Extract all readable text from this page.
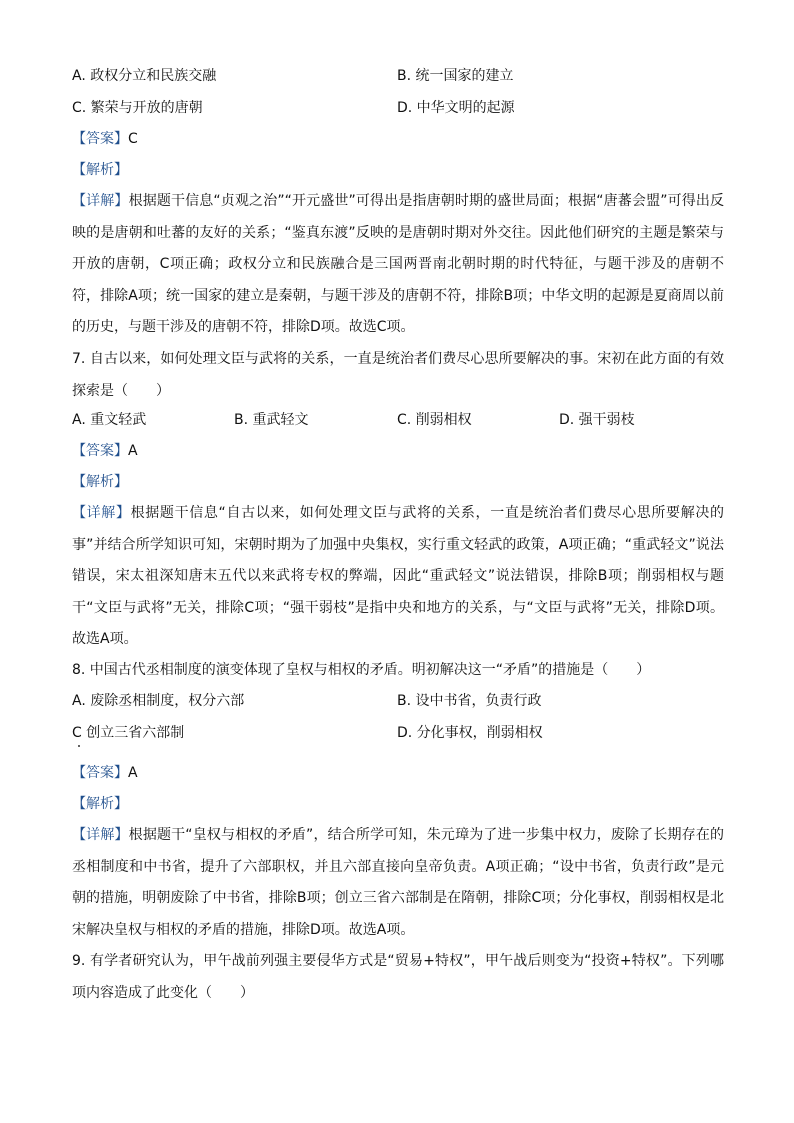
A. 政权分立和民族交融	B. 统一国家的建立
C. 繁荣与开放的唐朝	D. 中华文明的起源
【答案】C
【解析】
【详解】根据题干信息“贞观之治”“开元盛世”可得出是指唐朝时期的盛世局面；根据“唐蕃会盟”可得出反映的是唐朝和吐蕃的友好的关系；“鉴真东渡”反映的是唐朝时期对外交往。因此他们研究的主题是繁荣与开放的唐朝，C项正确；政权分立和民族融合是三国两晋南北朝时期的时代特征，与题干涉及的唐朝不符，排除A项；统一国家的建立是秦朝，与题干涉及的唐朝不符，排除B项；中华文明的起源是夏商周以前的历史，与题干涉及的唐朝不符，排除D项。故选C项。
7. 自古以来，如何处理文臣与武将的关系，一直是统治者们费尽心思所要解决的事。宋初在此方面的有效探索是（　　）
A. 重文轻武	B. 重武轻文	C. 削弱相权	D. 强干弱枝
【答案】A
【解析】
【详解】根据题干信息“自古以来，如何处理文臣与武将的关系，一直是统治者们费尽心思所要解决的事”并结合所学知识可知，宋朝时期为了加强中央集权，实行重文轻武的政策，A项正确；“重武轻文”说法错误，宋太祖深知唐末五代以来武将专权的弊端，因此“重武轻文”说法错误，排除B项；削弱相权与题干“文臣与武将”无关，排除C项；“强干弱枝”是指中央和地方的关系，与“文臣与武将”无关，排除D项。故选A项。
8. 中国古代丞相制度的演变体现了皇权与相权的矛盾。明初解决这一“矛盾”的措施是（　　）
A. 废除丞相制度，权分六部	B. 设中书省，负责行政
C 创立三省六部制	D. 分化事权，削弱相权
【答案】A
【解析】
【详解】根据题干“皇权与相权的矛盾”，结合所学可知，朱元璋为了进一步集中权力，废除了长期存在的丞相制度和中书省，提升了六部职权，并且六部直接向皇帝负责。A项正确；“设中书省，负责行政”是元朝的措施，明朝废除了中书省，排除B项；创立三省六部制是在隋朝，排除C项；分化事权，削弱相权是北宋解决皇权与相权的矛盾的措施，排除D项。故选A项。
9. 有学者研究认为，甲午战前列强主要侵华方式是“贸易+特权”，甲午战后则变为“投资+特权”。下列哪项内容造成了此变化（　　）
